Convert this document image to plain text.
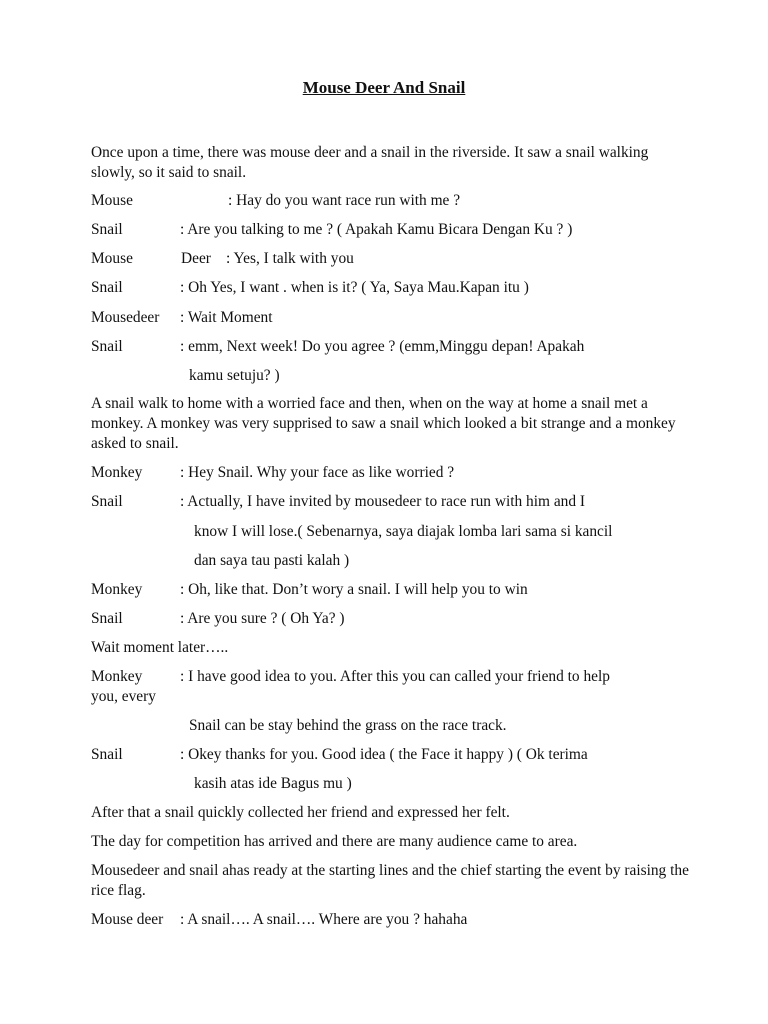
Mouse Deer And Snail
Once upon a time, there was mouse deer and a snail in the riverside. It saw a snail walking slowly, so it said to snail.
Mouse	: Hay do you want race run with me ?
Snail	: Are you talking to me ? ( Apakah Kamu Bicara Dengan Ku ? )
Mouse	Deer : Yes, I talk with you
Snail	: Oh Yes, I want . when is it? ( Ya, Saya Mau.Kapan itu )
Mousedeer : Wait Moment
Snail	: emm, Next week! Do you agree ? (emm,Minggu depan! Apakah
kamu setuju? )
A snail walk to home with a worried face and then, when on the way at home a snail met a monkey. A monkey was very supprised to saw a snail which looked a bit strange and a monkey asked to snail.
Monkey : Hey Snail. Why your face as like worried ?
Snail	: Actually, I have invited by mousedeer to race run with him and I
know I will lose.( Sebenarnya, saya diajak lomba lari sama si kancil
dan saya tau pasti kalah )
Monkey : Oh, like that. Don’t wory a snail. I will help you to win
Snail	: Are you sure ? ( Oh Ya? )
Wait moment later…..
Monkey : I have good idea to you. After this you can called your friend to help
you, every
Snail can be stay behind the grass on the race track.
Snail	: Okey thanks for you. Good idea ( the Face it happy ) ( Ok terima
kasih atas ide Bagus mu )
After that a snail quickly collected her friend and expressed her felt.
The day for competition has arrived and there are many audience came to area.
Mousedeer and snail ahas ready at the starting lines and the chief starting the event by raising the rice flag.
Mouse deer : A snail…. A snail…. Where are you ? hahaha
